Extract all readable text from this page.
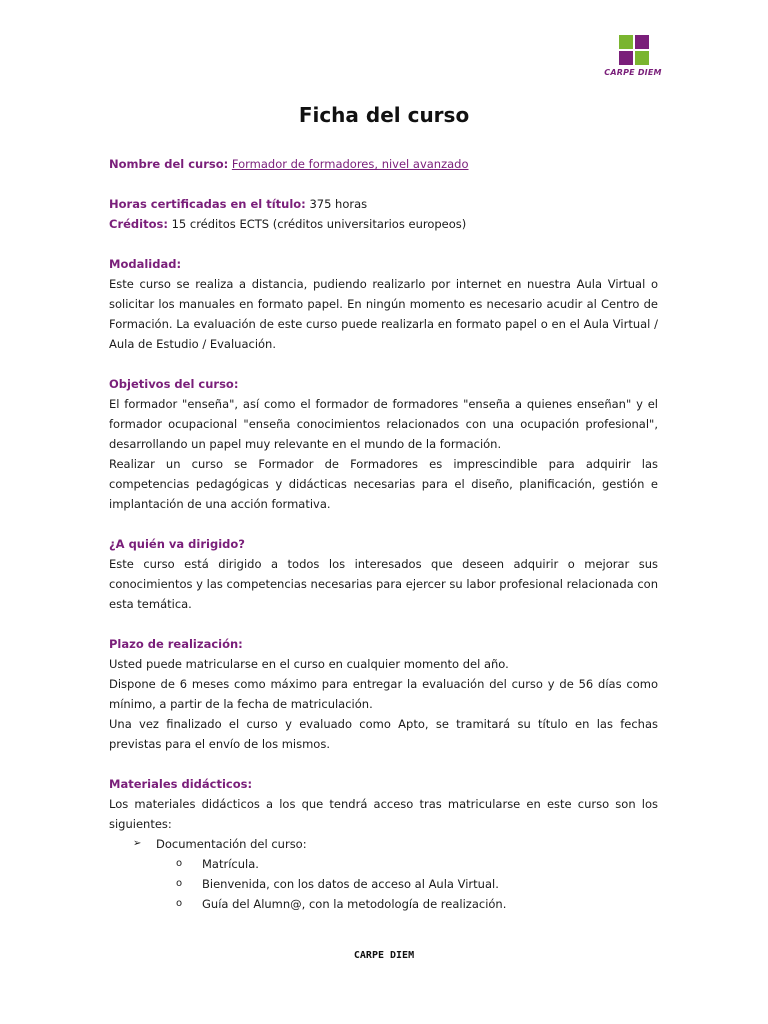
CARPE DIEM
Ficha del curso

Nombre del curso: Formador de formadores, nivel avanzado

Horas certificadas en el título: 375 horas

Créditos: 15 créditos ECTS (créditos universitarios europeos)

Modalidad:

Este curso se realiza a distancia, pudiendo realizarlo por internet en nuestra Aula Virtual o solicitar los manuales en formato papel. En ningún momento es necesario acudir al Centro de Formación. La evaluación de este curso puede realizarla en formato papel o en el Aula Virtual / Aula de Estudio / Evaluación.

Objetivos del curso:

El formador "enseña", así como el formador de formadores "enseña a quienes enseñan" y el formador ocupacional "enseña conocimientos relacionados con una ocupación profesional", desarrollando un papel muy relevante en el mundo de la formación.

Realizar un curso se Formador de Formadores es imprescindible para adquirir las competencias pedagógicas y didácticas necesarias para el diseño, planificación, gestión e implantación de una acción formativa.

¿A quién va dirigido?

Este curso está dirigido a todos los interesados que deseen adquirir o mejorar sus conocimientos y las competencias necesarias para ejercer su labor profesional relacionada con esta temática.

Plazo de realización:

Usted puede matricularse en el curso en cualquier momento del año.

Dispone de 6 meses como máximo para entregar la evaluación del curso y de 56 días como mínimo, a partir de la fecha de matriculación.

Una vez finalizado el curso y evaluado como Apto, se tramitará su título en las fechas previstas para el envío de los mismos.

Materiales didácticos:

Los materiales didácticos a los que tendrá acceso tras matricularse en este curso son los siguientes:

➢ Documentación del curso:
o Matrícula.
o Bienvenida, con los datos de acceso al Aula Virtual.
o Guía del Alumn@, con la metodología de realización.
CARPE DIEM
